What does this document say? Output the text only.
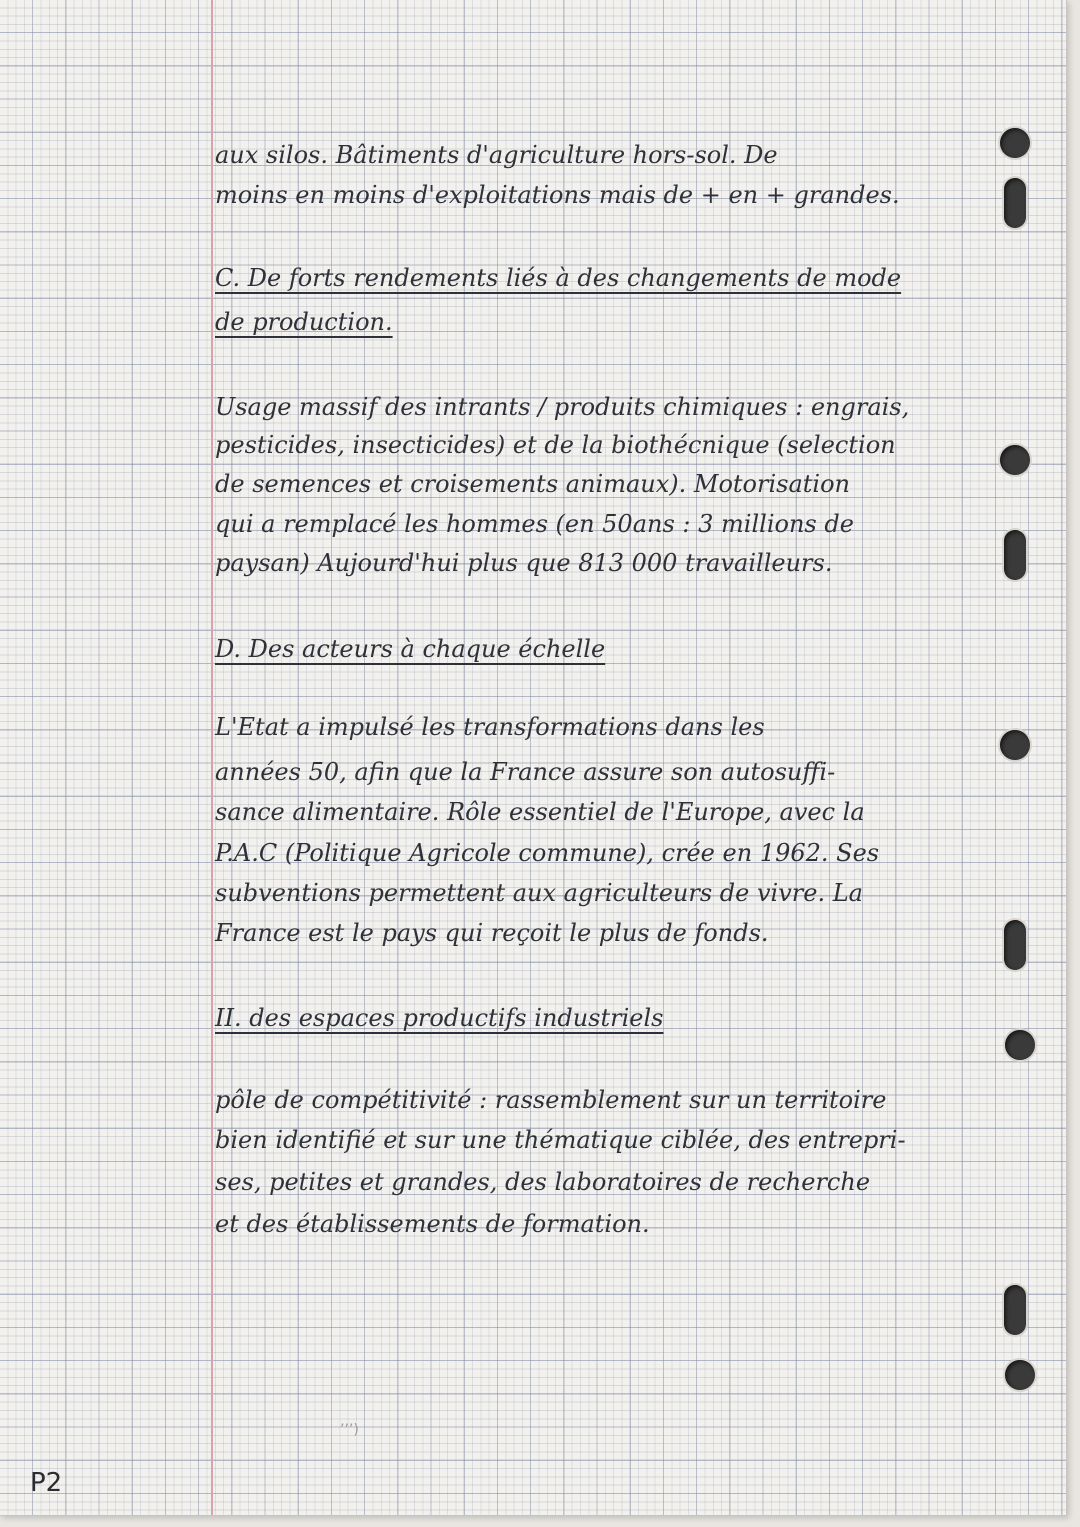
aux silos. Bâtiments d'agriculture hors-sol. De
moins en moins d'exploitations mais de + en + grandes.
C. De forts rendements liés à des changements de mode
de production.
Usage massif des intrants / produits chimiques : engrais,
pesticides, insecticides) et de la biothécnique (selection
de semences et croisements animaux). Motorisation
qui a remplacé les hommes (en 50ans : 3 millions de
paysan) Aujourd'hui plus que 813 000 travailleurs.
D. Des acteurs à chaque échelle
L'Etat a impulsé les transformations dans les
années 50, afin que la France assure son autosuffi-
sance alimentaire. Rôle essentiel de l'Europe, avec la
P.A.C (Politique Agricole commune), crée en 1962. Ses
subventions permettent aux agriculteurs de vivre. La
France est le pays qui reçoit le plus de fonds.
II. des espaces productifs industriels
pôle de compétitivité : rassemblement sur un territoire
bien identifié et sur une thématique ciblée, des entrepri-
ses, petites et grandes, des laboratoires de recherche
et des établissements de formation.
’’’)
P2
